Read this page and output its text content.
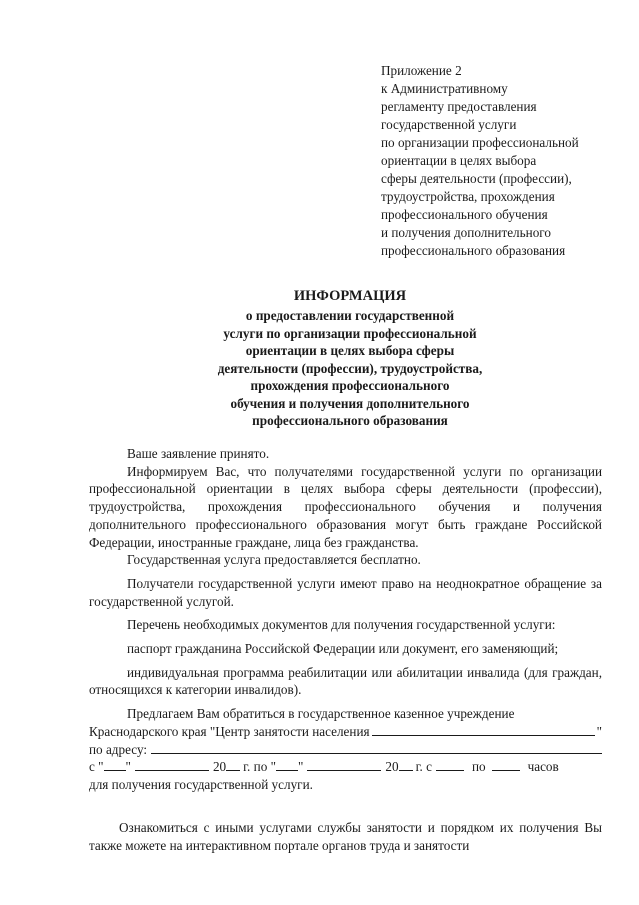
Приложение 2
к Административному
регламенту предоставления
государственной услуги
по организации профессиональной
ориентации в целях выбора
сферы деятельности (профессии),
трудоустройства, прохождения
профессионального обучения
и получения дополнительного
профессионального образования
ИНФОРМАЦИЯ
о предоставлении государственной
услуги по организации профессиональной
ориентации в целях выбора сферы
деятельности (профессии), трудоустройства,
прохождения профессионального
обучения и получения дополнительного
профессионального образования

Ваше заявление принято.

Информируем Вас, что получателями государственной услуги по организации профессиональной ориентации в целях выбора сферы деятельности (профессии), трудоустройства, прохождения профессионального обучения и получения дополнительного профессионального образования могут быть граждане Российской Федерации, иностранные граждане, лица без гражданства.

Государственная услуга предоставляется бесплатно.

Получатели государственной услуги имеют право на неоднократное обращение за государственной услугой.

Перечень необходимых документов для получения государственной услуги:

паспорт гражданина Российской Федерации или документ, его заменяющий;

индивидуальная программа реабилитации или абилитации инвалида (для граждан, относящихся к категории инвалидов).

Предлагаем Вам обратиться в государственное казенное учреждение

Краснодарского края "Центр занятости населения	"
по адресу:
с " "	20 г. по " "	20 г. с	по	часов
для получения государственной услуги.

Ознакомиться с иными услугами службы занятости и порядком их получения Вы также можете на интерактивном портале органов труда и занятости
